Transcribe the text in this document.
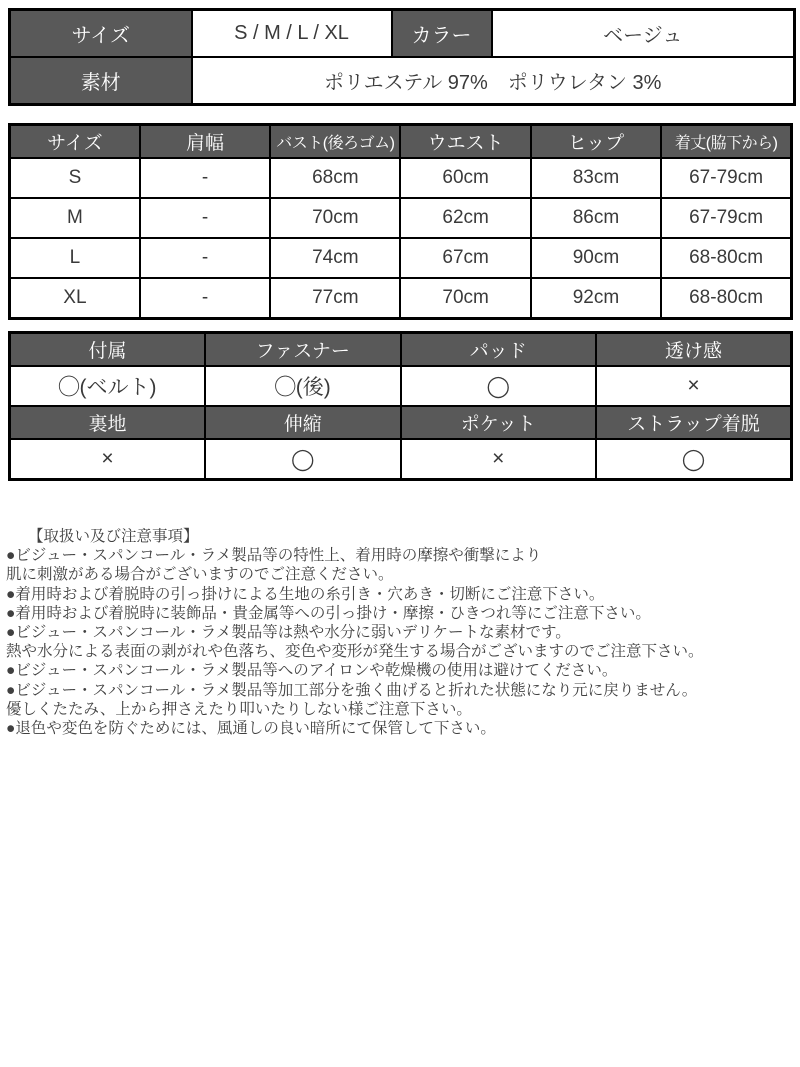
サイズ	S / M / L / XL	カラー	ベージュ
素材	ポリエステル 97%　ポリウレタン 3%		
サイズ	肩幅	バスト(後ろゴム)	ウエスト	ヒップ	着丈(脇下から)
S	-	68cm	60cm	83cm	67-79cm
M	-	70cm	62cm	86cm	67-79cm
L	-	74cm	67cm	90cm	68-80cm
XL	-	77cm	70cm	92cm	68-80cm
付属	ファスナー	パッド	透け感
◯(ベルト)	◯(後)	◯	×
裏地	伸縮	ポケット	ストラップ着脱
×	◯	×	◯
【取扱い及び注意事項】
●ビジュー・スパンコール・ラメ製品等の特性上、着用時の摩擦や衝撃により
肌に刺激がある場合がございますのでご注意ください。
●着用時および着脱時の引っ掛けによる生地の糸引き・穴あき・切断にご注意下さい。
●着用時および着脱時に装飾品・貴金属等への引っ掛け・摩擦・ひきつれ等にご注意下さい。
●ビジュー・スパンコール・ラメ製品等は熱や水分に弱いデリケートな素材です。
熱や水分による表面の剥がれや色落ち、変色や変形が発生する場合がございますのでご注意下さい。
●ビジュー・スパンコール・ラメ製品等へのアイロンや乾燥機の使用は避けてください。
●ビジュー・スパンコール・ラメ製品等加工部分を強く曲げると折れた状態になり元に戻りません。
優しくたたみ、上から押さえたり叩いたりしない様ご注意下さい。
●退色や変色を防ぐためには、風通しの良い暗所にて保管して下さい。
